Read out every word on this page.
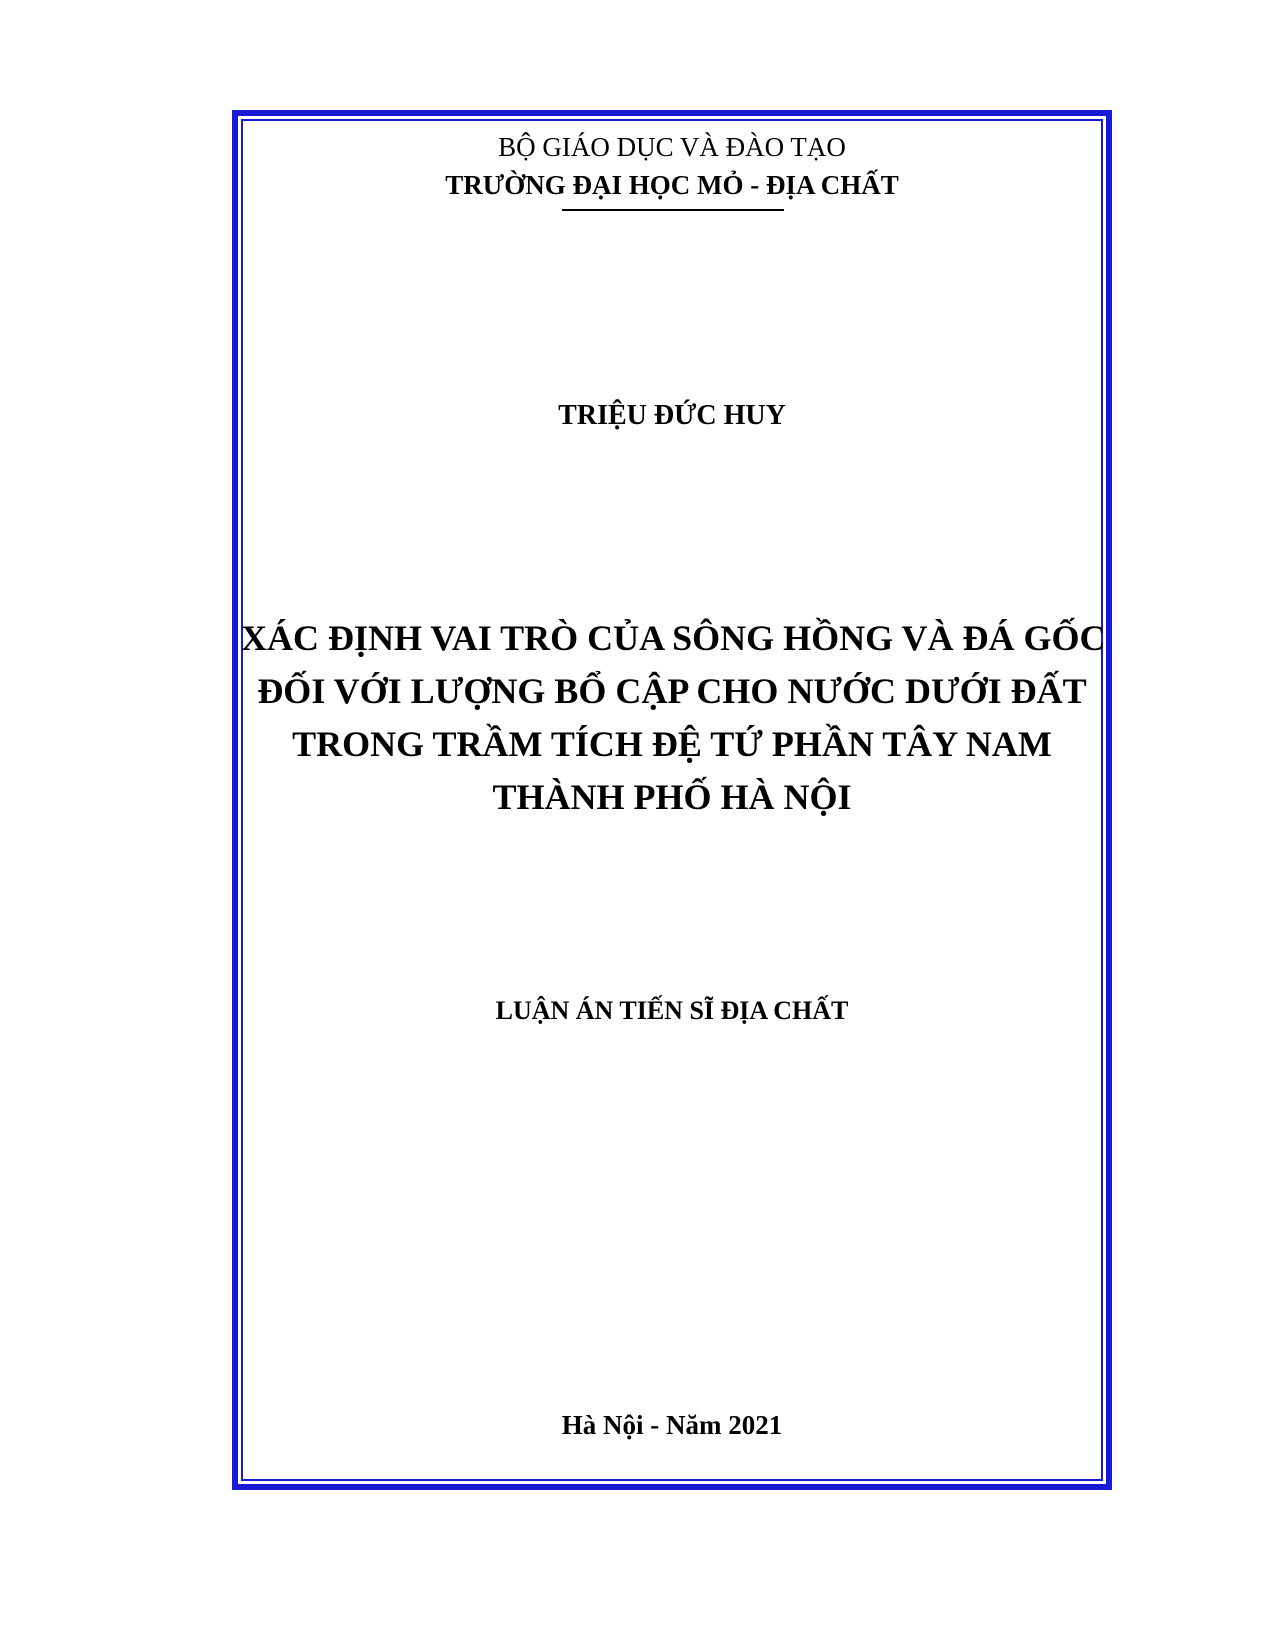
BỘ GIÁO DỤC VÀ ĐÀO TẠO
TRƯỜNG ĐẠI HỌC MỎ - ĐỊA CHẤT
TRIỆU ĐỨC HUY
XÁC ĐỊNH VAI TRÒ CỦA SÔNG HỒNG VÀ ĐÁ GỐC
ĐỐI VỚI LƯỢNG BỔ CẬP CHO NƯỚC DƯỚI ĐẤT
TRONG TRẦM TÍCH ĐỆ TỨ PHẦN TÂY NAM
THÀNH PHỐ HÀ NỘI
LUẬN ÁN TIẾN SĨ ĐỊA CHẤT
Hà Nội - Năm 2021
